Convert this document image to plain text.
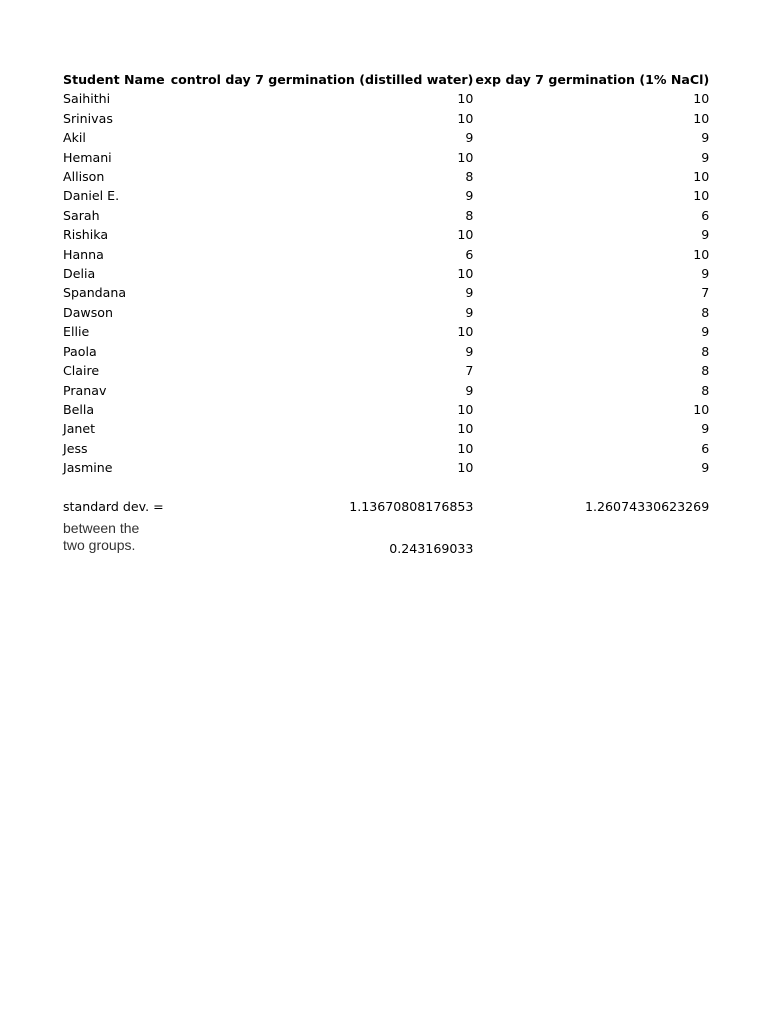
Student Name	control day 7 germination (distilled water)	exp day 7 germination (1% NaCl)
Saihithi	10	10
Srinivas	10	10
Akil	9	9
Hemani	10	9
Allison	8	10
Daniel E.	9	10
Sarah	8	6
Rishika	10	9
Hanna	6	10
Delia	10	9
Spandana	9	7
Dawson	9	8
Ellie	10	9
Paola	9	8
Claire	7	8
Pranav	9	8
Bella	10	10
Janet	10	9
Jess	10	6
Jasmine	10	9

standard dev. =	1.13670808176853	1.26074330623269
between the two groups.	0.243169033	
